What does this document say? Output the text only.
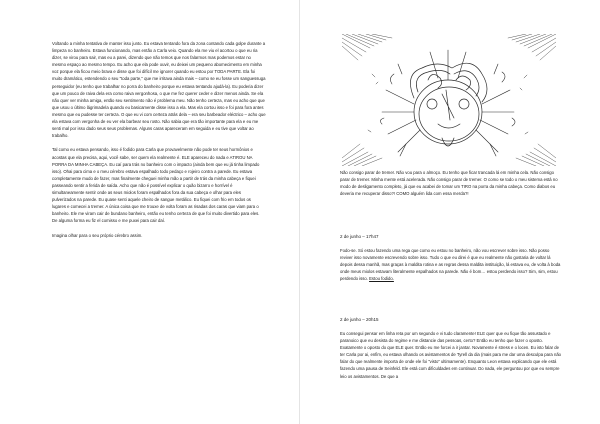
Voltando a minha tentativa de manter isso junto. Eu estava tentando fora da zona contando cada golpe durante a limpeza no banheiro. Estava funcionando, mas então a Carla veio. Quando ela me viu el acortou o que eu ria dizer, se virou para sair, mas eu a parei, dizendo que não temos que nos falarmos mas podemos estar no mesmo espaço ao mesmo tempo. Eu acho que ela pode ouvir, eu deixei um pequeno abomecimento em minha voz porque ela ficou meio brava e disse que foi difícil me ignorer quando eu estou por TODA PARTE. Ela foi muito dramático, estendendo o seu "toda parte," que me irritava ainda mais – como se eu fosse um sanguessuga perseguidor (eu tenho que trabalhar no porra do banheiro porque eu estava tentando ajudá-la). Eu poderia dizer que um pouco de raiva dela era como raiva vergonhosa, o que me fez querer ceder e dizer menos ainda. Se ela não quer ver minha amiga, então seu sentimento não é problema meu. Não tenho certeza, mas eu acho que que que usou o último lágrimadela quando eu basicamente disse isso a ela. Mas ela cortou isso e foi para fora antes mesmo que eu pudesse ter certeza. O que eu vi com certeza atrás dela – era seu barbeador eléctrico – acho que ela estava com vergonha de eu ver ela barbear seu rosto. Não sabia que era tão importante para ela e eu me senti mal por isso dado seus seus problemas. Alguns caras apareceram em seguida e eu tive que voltar ao trabalho.

Tal como eu estava pensando, isso é fodido para Carla que provavelmente não pode ter seus hormônios e acostas que ela precisa, aqui, você sabe, ser quem ela realmente é. ELE apareceu do nada e ATIROU NA PORRA DA MINHA CABEÇA. Eu caí para trás no banheiro com o impacto (ainda bem que eu já tinha limpado isso). Ohai para cima e o meu cérebro estava espalhado todo pedaço e rojeiro contra a parede. Eu estava completamente mudo de fazer, mas finalmente cheguei minha mão a partir de trás da minha cabeça e fiquei passeando sentir a ferida de saída. Acho que não é possível explicar o quão bizarro e horrível é simultaneamente sentir onde as seus miolos foram espalhados fora da sua cabeça e olhar para eles pulverizados na parede. Eu quase senti aquele cheiro de sangue metálico. Eu fiquei com frio em todos os lugares e comecei a tremer. A única coisa que me trouxe de volta foram as risadas dos caras que viam para o banheiro. Ele me viram cair de bundano banheiro, então eu tenho certeza de que foi muito divertido para eles. De alguma forma eu fiz el comisso e me puxei para cair daí.

Imagina olhar para o seu próprio cérebro assim.

Não consigo parar de tremer. Não vou para o almoço. Eu tenho que ficar trancada lá em minha cela. Não consigo parar de tremer. Minha mente está acelerada. Não consigo parar de tremer. O como se todo o meu sistema está no modo de desligamento completo, já que eu acabei de tomar um TIRO na porra da minha cabeça. Como diabos eu deveria me recuperar disso?! COMO alguém lida com essa merda?!

2 de junho – 17h47

Fodo-se. Só estou fazendo uma rega que como eu estou no banheiro, não vou escrever sobre isso. Não posso reviver isso novamente escrevendo sobre isso. Tudo o que eu direi é que eu realmente não gostaria de voltar lá depois dessa manhã, mas graças à maldita rotina e as regras dessa maldita instituição, lá estava eu, de volta à boda onde meus miolos estavam literalmente espalhados na parede. Não é bom… estou perdendo isso? Sim, sim, estou perdendo isso. Estou fodido.

2 de junho – 20h15

Eu consegui pensar em linha reta por um segundo e vi tudo claramente! ELE quer que eu fique tão assustado e paranoico que eu desista do regime e me distancie das pessoas, certo? Então eu tenho que fazer o oposto. Exatamente o oposto do que ELE quer. Então eu me forcei a ir jantar. Novamente é stress e o locen. Eu isto falar de ter Carla por ai, enfim, eu estava olhando os avistamentos de Tyrell da dia (mais para me dar uma desculpa para não falar do que realmente importa de onde ele foi "visto" ultimamente). Enquanto Leon estava explicando que ele está fazendo uma pausa de Seinfeld. Ele está com dificuldades em continuar. Do nada, ele perguntou por que eu sempre leio os avistamentos. De que a
